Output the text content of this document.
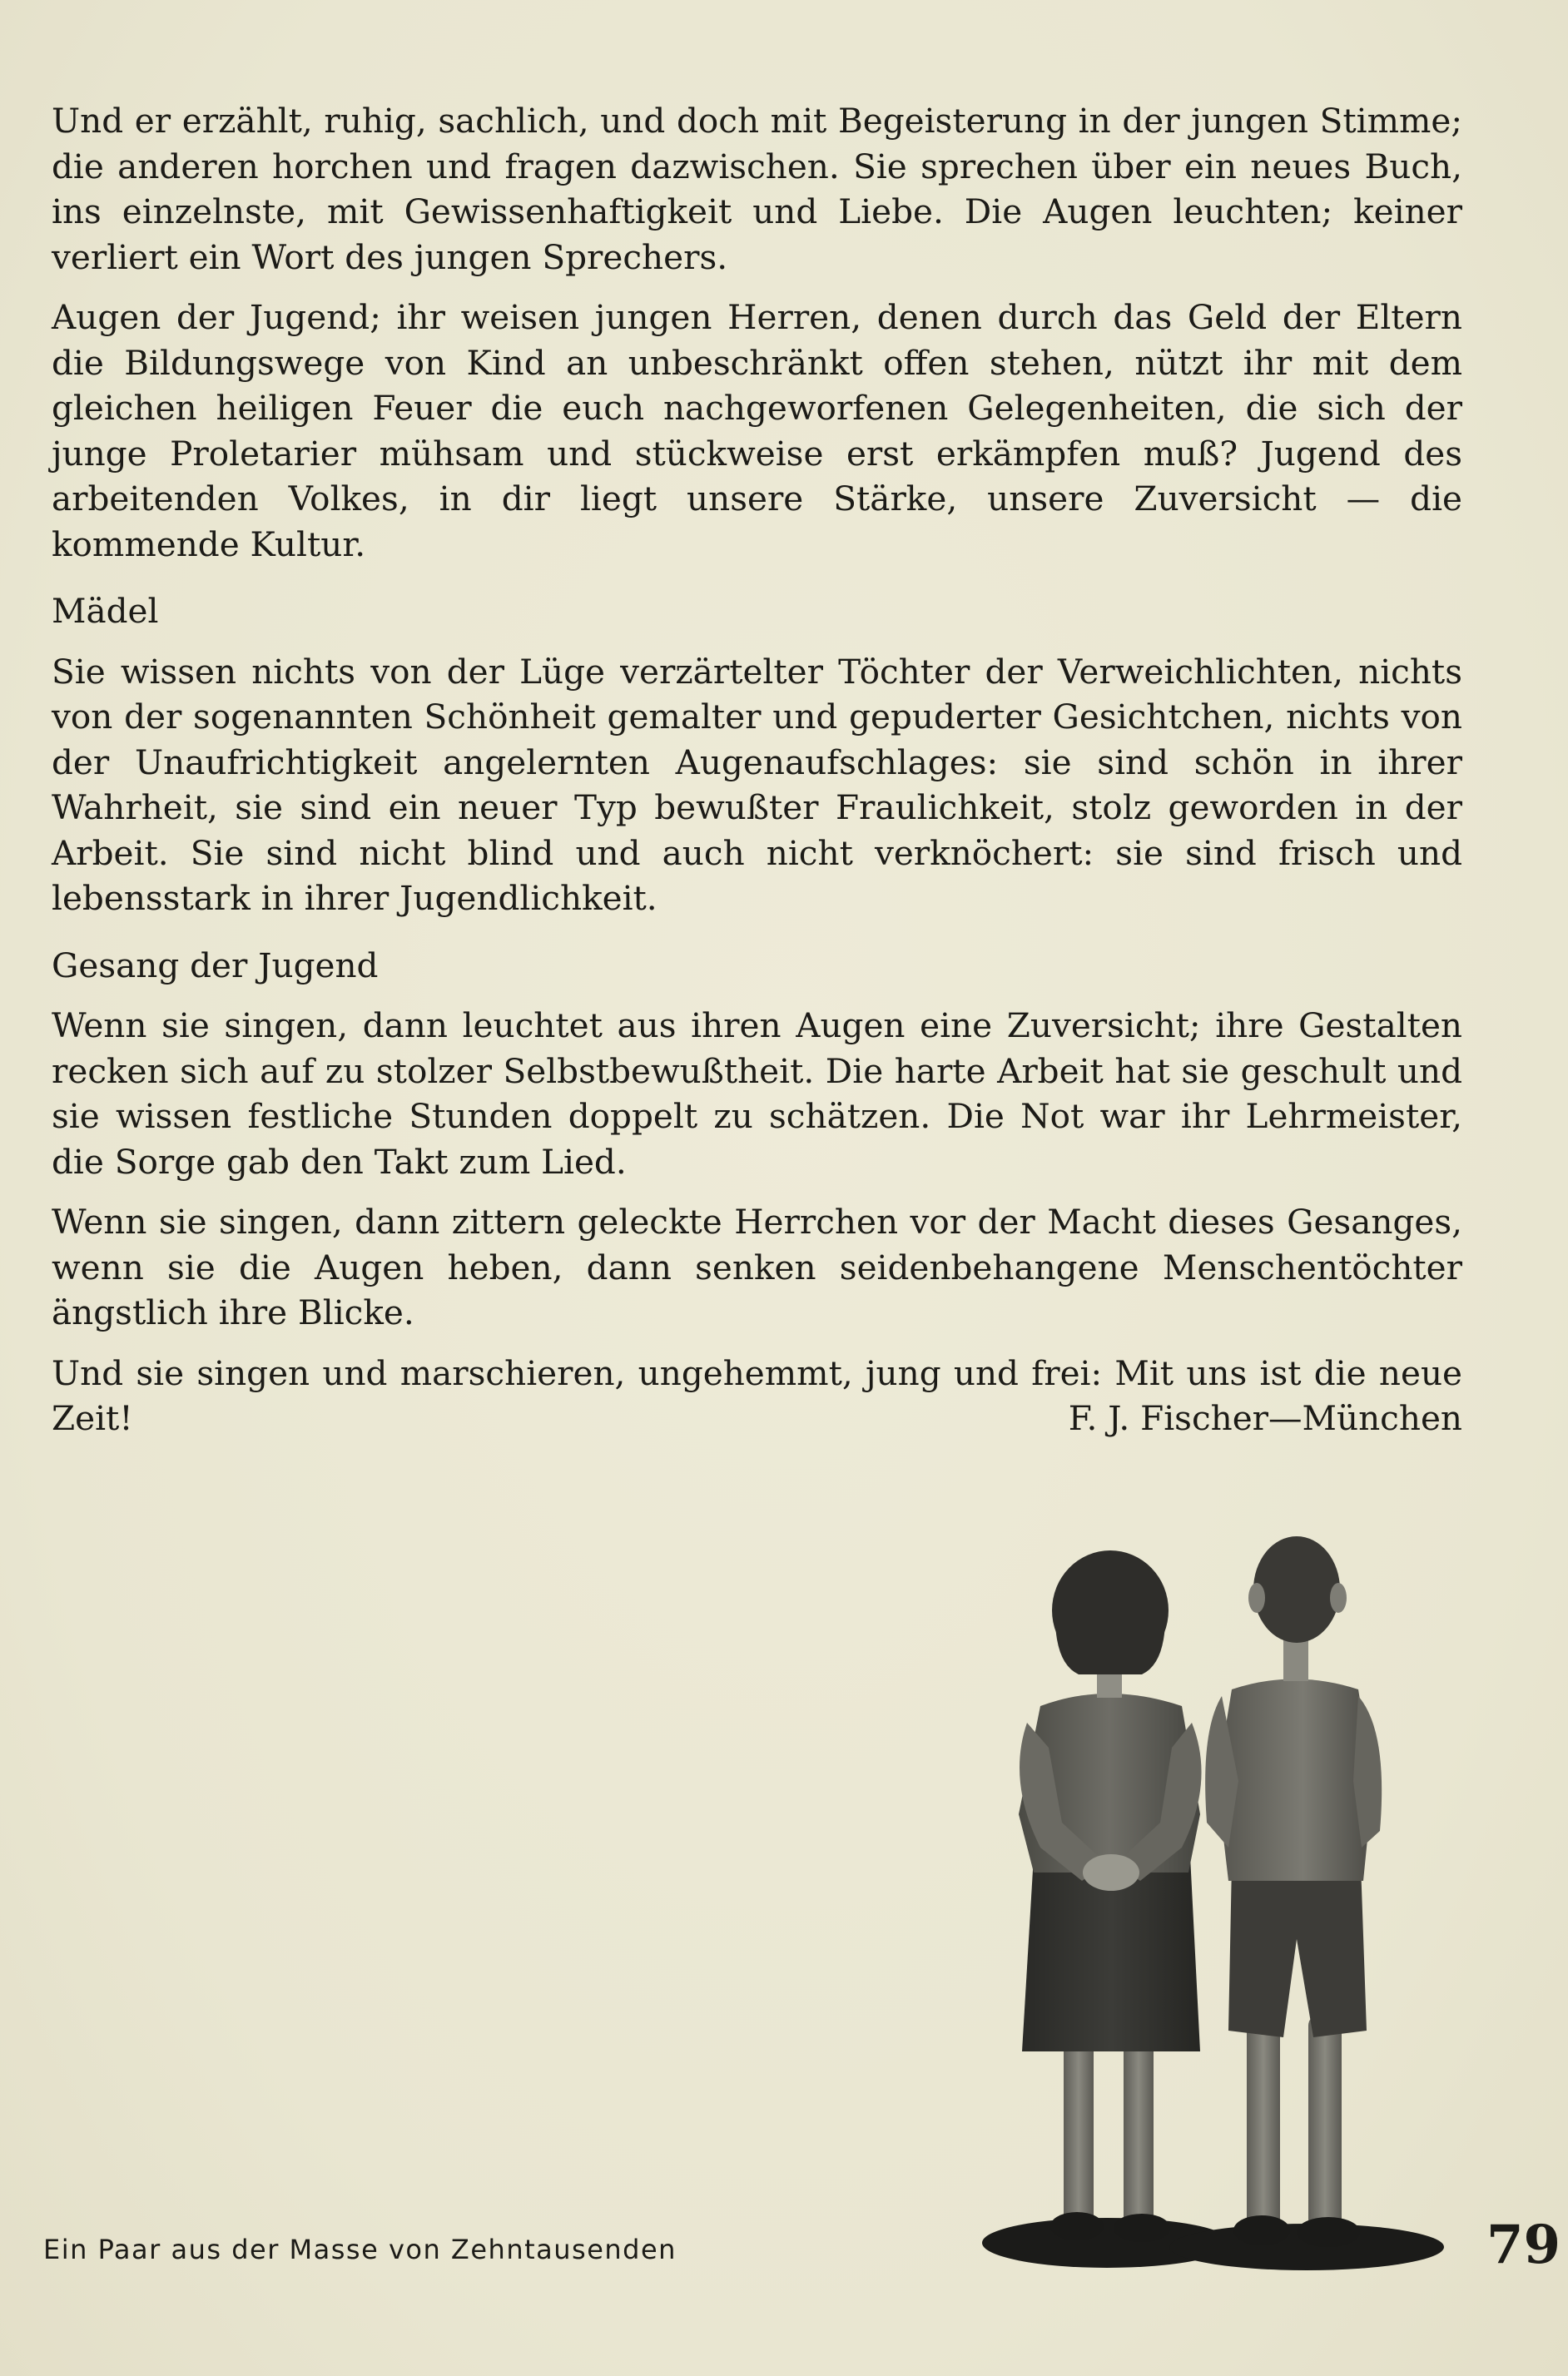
Und er erzählt, ruhig, sachlich, und doch mit Begeisterung in der jungen Stimme; die anderen horchen und fragen dazwischen. Sie sprechen über ein neues Buch, ins einzelnste, mit Gewissenhaftigkeit und Liebe. Die Augen leuchten; keiner verliert ein Wort des jungen Sprechers.

Augen der Jugend; ihr weisen jungen Herren, denen durch das Geld der Eltern die Bildungswege von Kind an unbeschränkt offen stehen, nützt ihr mit dem gleichen heiligen Feuer die euch nachgeworfenen Gelegenheiten, die sich der junge Proletarier mühsam und stückweise erst erkämpfen muß? Jugend des arbeitenden Volkes, in dir liegt unsere Stärke, unsere Zuversicht — die kommende Kultur.

Mädel

Sie wissen nichts von der Lüge verzärtelter Töchter der Verweichlichten, nichts von der sogenannten Schönheit gemalter und gepuderter Gesichtchen, nichts von der Unaufrichtigkeit angelernten Augenaufschlages: sie sind schön in ihrer Wahrheit, sie sind ein neuer Typ bewußter Fraulichkeit, stolz geworden in der Arbeit. Sie sind nicht blind und auch nicht verknöchert: sie sind frisch und lebensstark in ihrer Jugendlichkeit.

Gesang der Jugend

Wenn sie singen, dann leuchtet aus ihren Augen eine Zuversicht; ihre Gestalten recken sich auf zu stolzer Selbstbewußtheit. Die harte Arbeit hat sie geschult und sie wissen festliche Stunden doppelt zu schätzen. Die Not war ihr Lehrmeister, die Sorge gab den Takt zum Lied.

Wenn sie singen, dann zittern geleckte Herrchen vor der Macht dieses Gesanges, wenn sie die Augen heben, dann senken seidenbehangene Menschentöchter ängstlich ihre Blicke.

Und sie singen und marschieren, ungehemmt, jung und frei: Mit uns ist die neue Zeit!	F. J. Fischer—München
Ein Paar aus der Masse von Zehntausenden	79
